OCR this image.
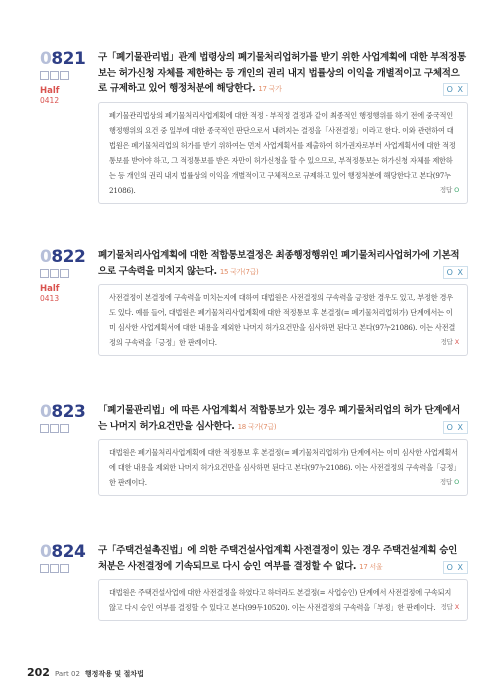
0821
Half
0412
구「폐기물관리법」관계 법령상의 폐기물처리업허가를 받기 위한 사업계획에 대한 부적정통보는 허가신청 자체를 제한하는 등 개인의 권리 내지 법률상의 이익을 개별적이고 구체적으로 규제하고 있어 행정처분에 해당한다. 17 국가	O X
폐기물관리법상의 폐기물처리사업계획에 대한 적정 · 부적정 결정과 같이 최종적인 행정행위를 하기 전에 중국적인 행정행위의 요건 중 일부에 대한 종국적인 판단으로서 내려지는 결정을「사전결정」이라고 한다. 이와 관련하여 대법원은 폐기물처리업의 허가를 받기 위하여는 먼저 사업계획서를 제출하여 허가권자로부터 사업계획서에 대한 적정통보를 받아야 하고, 그 적정통보를 받은 자만이 허가신청을 할 수 있으므로, 부적정통보는 허가신청 자체를 제한하는 등 개인의 권리 내지 법률상의 이익을 개별적이고 구체적으로 규제하고 있어 행정처분에 해당한다고 본다(97누21086).	정답 O
0822
Half
0413
폐기물처리사업계획에 대한 적합통보결정은 최종행정행위인 폐기물처리사업허가에 기본적으로 구속력을 미치지 않는다. 15 국가(7급)	O X
사전결정이 본결정에 구속력을 미치는지에 대하여 대법원은 사전결정의 구속력을 긍정한 경우도 있고, 부정한 경우도 있다. 예를 들어, 대법원은 폐기물처리사업계획에 대한 적정통보 후 본결정(= 폐기물처리업허가) 단계에서는 이미 심사한 사업계획서에 대한 내용을 제외한 나머지 허가요건만을 심사하면 된다고 본다(97누21086). 이는 사전결정의 구속력을「긍정」한 판례이다.	정답 X
0823 「폐기물관리법」에 따른 사업계획서 적합통보가 있는 경우 폐기물처리업의 허가 단계에서는 나머지 허가요건만을 심사한다. 18 국가(7급)	O X
대법원은 폐기물처리사업계획에 대한 적정통보 후 본결정(= 폐기물처리업허가) 단계에서는 이미 심사한 사업계획서에 대한 내용을 제외한 나머지 허가요건만을 심사하면 된다고 본다(97누21086). 이는 사전결정의 구속력을「긍정」한 판례이다.	정답 O
0824 구「주택건설촉진법」에 의한 주택건설사업계획 사전결정이 있는 경우 주택건설계획 승인 처분은 사전결정에 기속되므로 다시 승인 여부를 결정할 수 없다. 17 서울	O X
대법원은 주택건설사업에 대한 사전결정을 하였다고 하더라도 본결정(= 사업승인) 단계에서 사전결정에 구속되지 않고 다시 승인 여부를 결정할 수 있다고 본다(99두10520). 이는 사전결정의 구속력을「부정」한 판례이다. 정답 X
202 Part 02 행정작용 및 절차법
